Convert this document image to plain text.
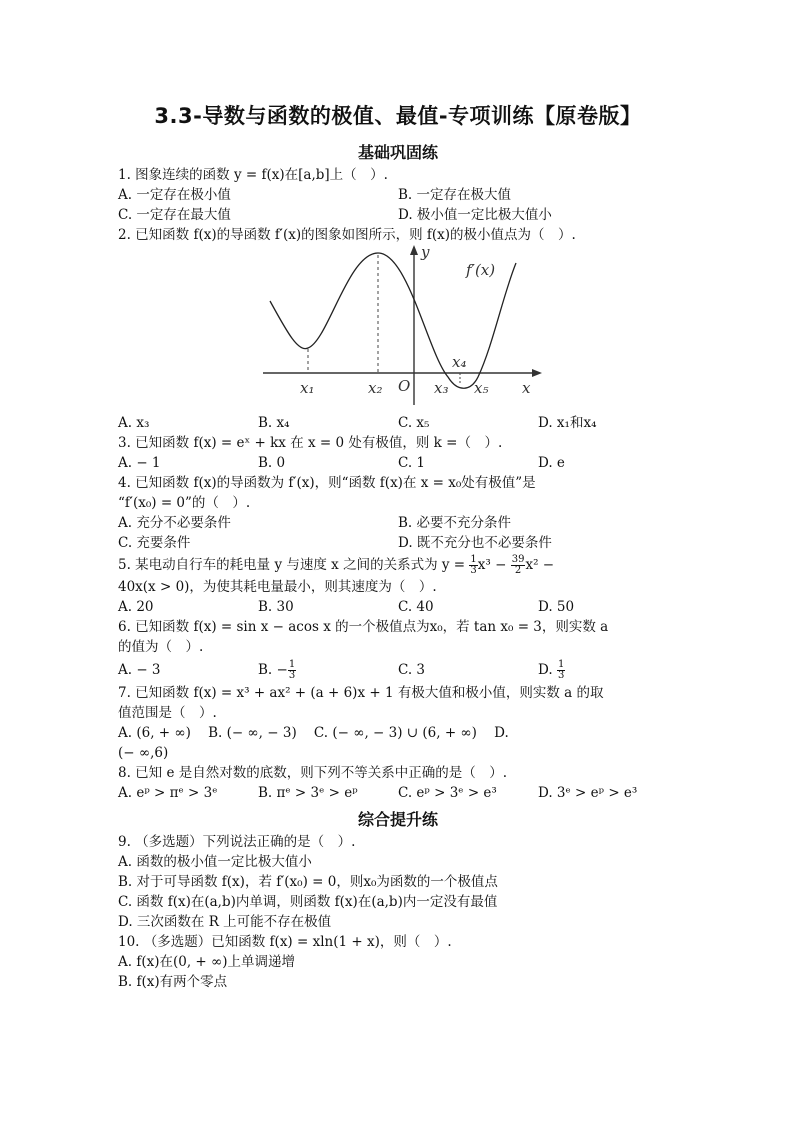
3.3-导数与函数的极值、最值-专项训练【原卷版】
基础巩固练
1. 图象连续的函数 y = f(x)在[a,b]上（　）.
A. 一定存在极小值	B. 一定存在极大值
C. 一定存在最大值	D. 极小值一定比极大值小
2. 已知函数 f(x)的导函数 f′(x)的图象如图所示，则 f(x)的极小值点为（　）.
f′(x)
y
x
O
x₁	x₂	x₃
x₄
x₅
A. x₃	B. x₄	C. x₅	D. x₁和x₄
3. 已知函数 f(x) = eˣ + kx 在 x = 0 处有极值，则 k =（　）.
A. − 1	B. 0	C. 1	D. e
4. 已知函数 f(x)的导函数为 f′(x)，则“函数 f(x)在 x = x₀处有极值”是
“f′(x₀) = 0”的（　）.
A. 充分不必要条件	B. 必要不充分条件
C. 充要条件	D. 既不充分也不必要条件
5. 某电动自行车的耗电量 y 与速度 x 之间的关系式为 $y = \frac{1}{3} x^3 - \frac{39}{2} x^2$ −
40x(x > 0)，为使其耗电量最小，则其速度为（　）.
A. 20	B. 30	C. 40	D. 50
6. 已知函数 f(x) = sin x − acos x 的一个极值点为x₀，若 tan x₀ = 3，则实数 a
的值为（　）.
A. − 3	B. − $\frac{1}{3}$	C. 3	D. $\frac{1}{3}$
7. 已知函数 f(x) = x³ + ax² + (a + 6)x + 1 有极大值和极小值，则实数 a 的取
值范围是（　）.
A. (6, + ∞) B. (− ∞, − 3) C. (− ∞, − 3) ∪ (6, + ∞) D.
(− ∞,6)
8. 已知 e 是自然对数的底数，则下列不等关系中正确的是（　）.
A. eᵖ > πᵉ > 3ᵉ	B. πᵉ > 3ᵉ > eᵖ	C. eᵖ > 3ᵉ > e³	D. 3ᵉ > eᵖ > e³
综合提升练
9. （多选题）下列说法正确的是（　）.
A. 函数的极小值一定比极大值小
B. 对于可导函数 f(x)，若 f′(x₀) = 0，则x₀为函数的一个极值点
C. 函数 f(x)在(a,b)内单调，则函数 f(x)在(a,b)内一定没有最值
D. 三次函数在 R 上可能不存在极值
10. （多选题）已知函数 f(x) = xln(1 + x)，则（　）.
A. f(x)在(0, + ∞)上单调递增
B. f(x)有两个零点
